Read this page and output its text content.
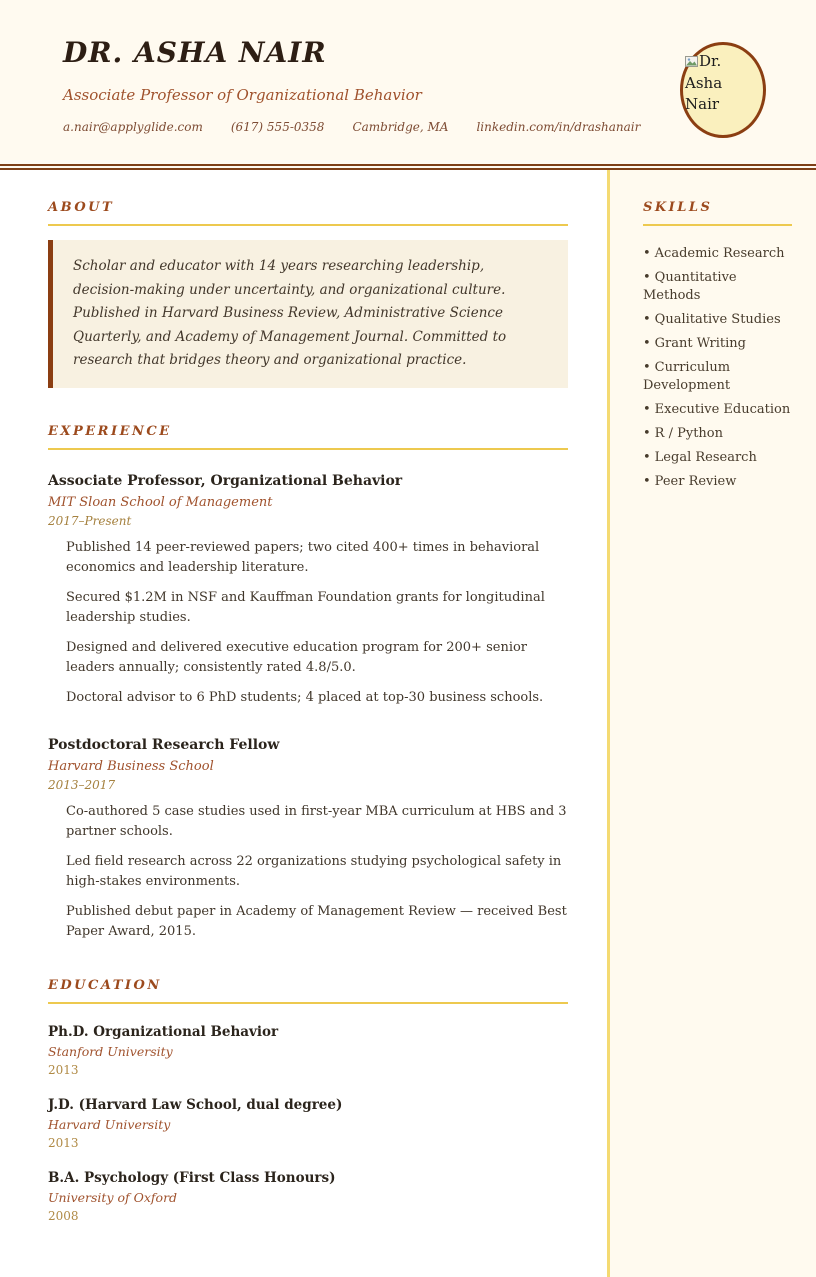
DR. ASHA NAIR
Associate Professor of Organizational Behavior
a.nair@applyglide.com (617) 555-0358 Cambridge, MA linkedin.com/in/drashanair
Dr. Asha Nair
ABOUT
Scholar and educator with 14 years researching leadership, decision-making under uncertainty, and organizational culture. Published in Harvard Business Review, Administrative Science Quarterly, and Academy of Management Journal. Committed to research that bridges theory and organizational practice.
EXPERIENCE
Associate Professor, Organizational Behavior
MIT Sloan School of Management
2017–Present
Published 14 peer-reviewed papers; two cited 400+ times in behavioral economics and leadership literature.
Secured $1.2M in NSF and Kauffman Foundation grants for longitudinal leadership studies.
Designed and delivered executive education program for 200+ senior leaders annually; consistently rated 4.8/5.0.
Doctoral advisor to 6 PhD students; 4 placed at top-30 business schools.
Postdoctoral Research Fellow
Harvard Business School
2013–2017
Co-authored 5 case studies used in first-year MBA curriculum at HBS and 3 partner schools.
Led field research across 22 organizations studying psychological safety in high-stakes environments.
Published debut paper in Academy of Management Review — received Best Paper Award, 2015.
EDUCATION
Ph.D. Organizational Behavior
Stanford University
2013
J.D. (Harvard Law School, dual degree)
Harvard University
2013
B.A. Psychology (First Class Honours)
University of Oxford
2008
SKILLS
• Academic Research
• Quantitative Methods
• Qualitative Studies
• Grant Writing
• Curriculum Development
• Executive Education
• R / Python
• Legal Research
• Peer Review
